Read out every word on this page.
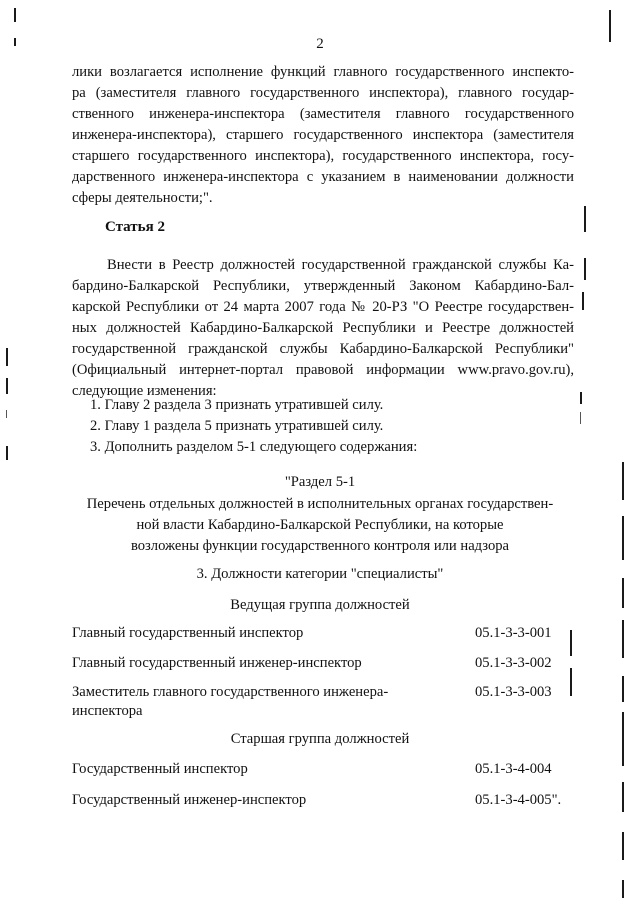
2
лики возлагается исполнение функций главного государственного инспекто-
ра (заместителя главного государственного инспектора), главного государ-
ственного инженера-инспектора (заместителя главного государственного
инженера-инспектора), старшего государственного инспектора (заместителя
старшего государственного инспектора), государственного инспектора, госу-
дарственного инженера-инспектора с указанием в наименовании должности
сферы деятельности;".
Статья 2
Внести в Реестр должностей государственной гражданской службы Ка-
бардино-Балкарской Республики, утвержденный Законом Кабардино-Бал-
карской Республики от 24 марта 2007 года № 20-РЗ "О Реестре государствен-
ных должностей Кабардино-Балкарской Республики и Реестре должностей
государственной гражданской службы Кабардино-Балкарской Республики"
(Официальный интернет-портал правовой информации www.pravo.gov.ru),
следующие изменения:
1. Главу 2 раздела 3 признать утратившей силу.
2. Главу 1 раздела 5 признать утратившей силу.
3. Дополнить разделом 5-1 следующего содержания:
"Раздел 5-1
Перечень отдельных должностей в исполнительных органах государствен-
ной власти Кабардино-Балкарской Республики, на которые
возложены функции государственного контроля или надзора
3. Должности категории "специалисты"
Ведущая группа должностей
Главный государственный инспектор	05.1-3-3-001
Главный государственный инженер-инспектор	05.1-3-3-002
Заместитель главного государственного инженера-инспектора
05.1-3-3-003
Старшая группа должностей
Государственный инспектор	05.1-3-4-004
Государственный инженер-инспектор	05.1-3-4-005".
